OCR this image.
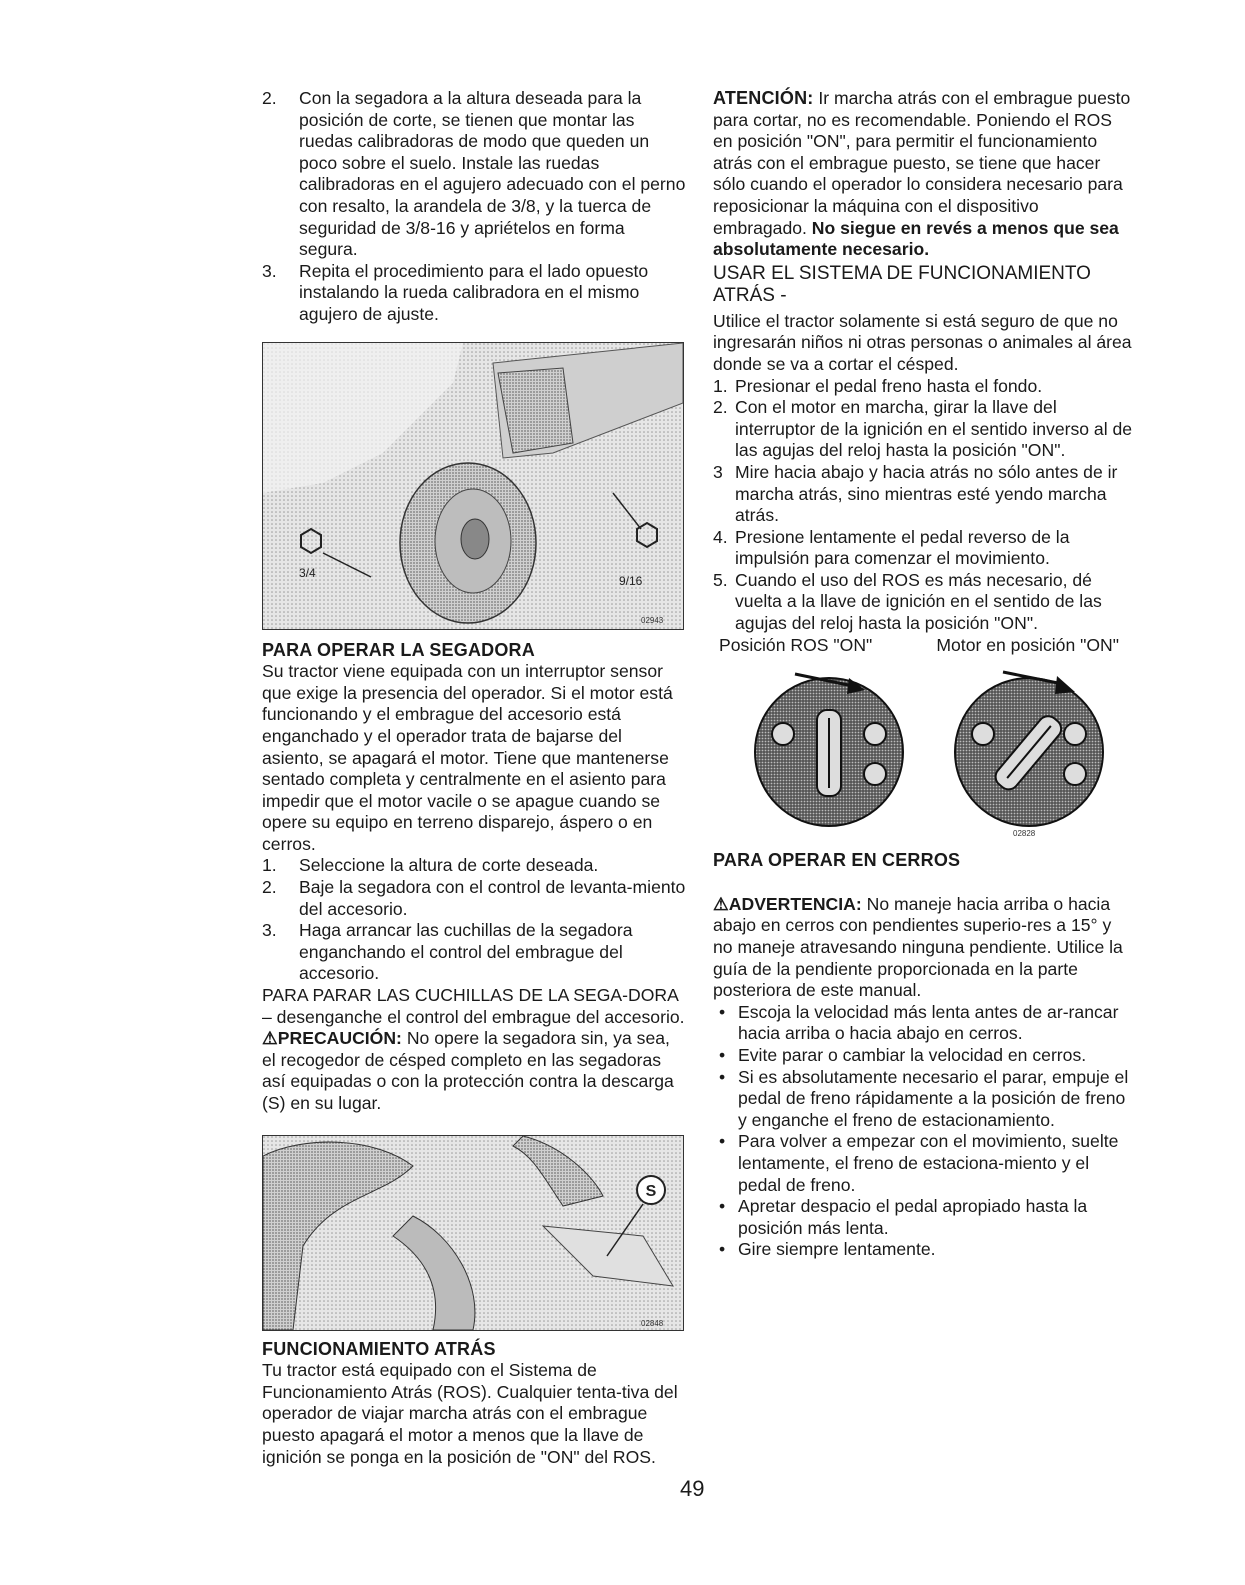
2. Con la segadora a la altura deseada para la posición de corte, se tienen que montar las ruedas calibradoras de modo que queden un poco sobre el suelo. Instale las ruedas calibradoras en el agujero adecuado con el perno con resalto, la arandela de 3/8, y la tuerca de seguridad de 3/8-16 y apriételos en forma segura.

3. Repita el procedimiento para el lado opuesto instalando la rueda calibradora en el mismo agujero de ajuste.

9/16
3/4
02943

PARA OPERAR LA SEGADORA

Su tractor viene equipada con un interruptor sensor que exige la presencia del operador. Si el motor está funcionando y el embrague del accesorio está enganchado y el operador trata de bajarse del asiento, se apagará el motor. Tiene que mantenerse sentado completa y centralmente en el asiento para impedir que el motor vacile o se apague cuando se opere su equipo en terreno disparejo, áspero o en cerros.

1. Seleccione la altura de corte deseada.

2. Baje la segadora con el control de levanta-miento del accesorio.

3. Haga arrancar las cuchillas de la segadora enganchando el control del embrague del accesorio.

PARA PARAR LAS CUCHILLAS DE LA SEGA-DORA – desenganche el control del embrague del accesorio.

⚠PRECAUCIÓN: No opere la segadora sin, ya sea, el recogedor de césped completo en las segadoras así equipadas o con la protección contra la descarga (S) en su lugar.

S
02848

FUNCIONAMIENTO ATRÁS

Tu tractor está equipado con el Sistema de Funcionamiento Atrás (ROS). Cualquier tenta-tiva del operador de viajar marcha atrás con el embrague puesto apagará el motor a menos que la llave de ignición se ponga en la posición de "ON" del ROS.

ATENCIÓN: Ir marcha atrás con el embrague puesto para cortar, no es recomendable. Poniendo el ROS en posición "ON", para permitir el funcionamiento atrás con el embrague puesto, se tiene que hacer sólo cuando el operador lo considera necesario para reposicionar la máquina con el dispositivo embragado. No siegue en revés a menos que sea absolutamente necesario.

USAR EL SISTEMA DE FUNCIONAMIENTO ATRÁS -

Utilice el tractor solamente si está seguro de que no ingresarán niños ni otras personas o animales al área donde se va a cortar el césped.

1. Presionar el pedal freno hasta el fondo.

2. Con el motor en marcha, girar la llave del interruptor de la ignición en el sentido inverso al de las agujas del reloj hasta la posición "ON".

3 Mire hacia abajo y hacia atrás no sólo antes de ir marcha atrás, sino mientras esté yendo marcha atrás.

4. Presione lentamente el pedal reverso de la impulsión para comenzar el movimiento.

5. Cuando el uso del ROS es más necesario, dé vuelta a la llave de ignición en el sentido de las agujas del reloj hasta la posición "ON".

Posición ROS "ON"	Motor en posición "ON"
02828

PARA OPERAR EN CERROS

⚠ADVERTENCIA: No maneje hacia arriba o hacia abajo en cerros con pendientes superio-res a 15° y no maneje atravesando ninguna pendiente. Utilice la guía de la pendiente proporcionada en la parte posteriora de este manual.

• Escoja la velocidad más lenta antes de ar-rancar hacia arriba o hacia abajo en cerros.

• Evite parar o cambiar la velocidad en cerros.

• Si es absolutamente necesario el parar, empuje el pedal de freno rápidamente a la posición de freno y enganche el freno de estacionamiento.

• Para volver a empezar con el movimiento, suelte lentamente, el freno de estaciona-miento y el pedal de freno.

• Apretar despacio el pedal apropiado hasta la posición más lenta.

• Gire siempre lentamente.

49
